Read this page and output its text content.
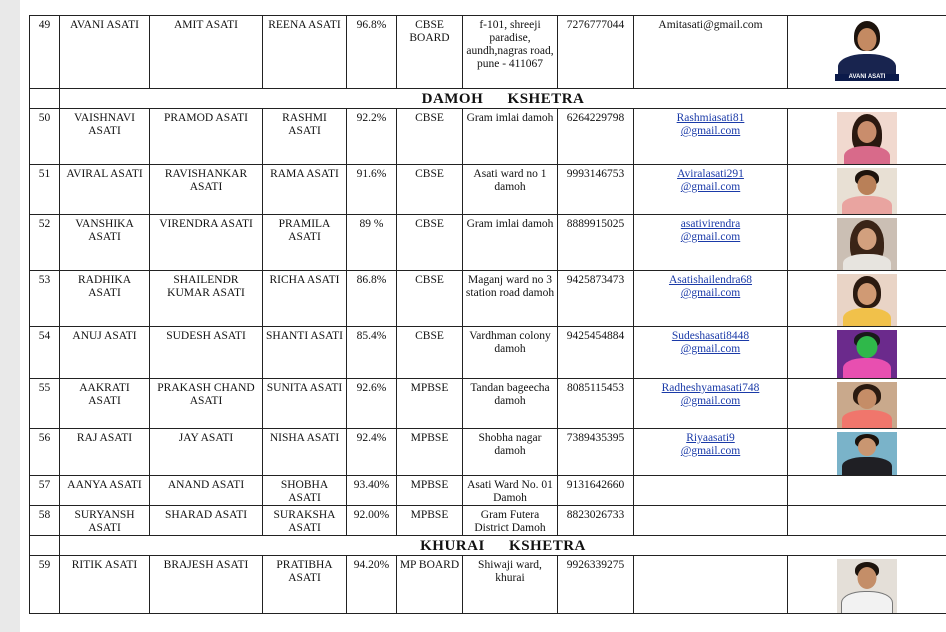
49	AVANI ASATI	AMIT ASATI	REENA ASATI	96.8%	CBSE BOARD	f-101, shreeji paradise, aundh,nagras road, pune - 411067	7276777044	Amitasati@gmail.com	AVANI ASATI

	DAMOH KSHETRA								
50	VAISHNAVI ASATI	PRAMOD ASATI	RASHMI ASATI	92.2%	CBSE	Gram imlai damoh	6264229798	Rashmiasati81
@gmail.com	

51	AVIRAL ASATI	RAVISHANKAR ASATI	RAMA ASATI	91.6%	CBSE	Asati ward no 1 damoh	9993146753	Aviralasati291
@gmail.com	

52	VANSHIKA ASATI	VIRENDRA ASATI	PRAMILA ASATI	89 %	CBSE	Gram imlai damoh	8889915025	asativirendra
@gmail.com	

53	RADHIKA ASATI	SHAILENDR KUMAR ASATI	RICHA ASATI	86.8%	CBSE	Maganj ward no 3 station road damoh	9425873473	Asatishailendra68
@gmail.com	

54	ANUJ ASATI	SUDESH ASATI	SHANTI ASATI	85.4%	CBSE	Vardhman colony damoh	9425454884	Sudeshasati8448
@gmail.com	

55	AAKRATI ASATI	PRAKASH CHAND ASATI	SUNITA ASATI	92.6%	MPBSE	Tandan bageecha damoh	8085115453	Radheshyamasati748
@gmail.com	

56	RAJ ASATI	JAY ASATI	NISHA ASATI	92.4%	MPBSE	Shobha nagar damoh	7389435395	Riyaasati9
@gmail.com	

57	AANYA ASATI	ANAND ASATI	SHOBHA ASATI	93.40%	MPBSE	Asati Ward No. 01 Damoh	9131642660		
58	SURYANSH ASATI	SHARAD ASATI	SURAKSHA ASATI	92.00%	MPBSE	Gram Futera District Damoh	8823026733		
	KHURAI KSHETRA								
59	RITIK ASATI	BRAJESH ASATI	PRATIBHA ASATI	94.20%	MP BOARD	Shiwaji ward, khurai	9926339275		
